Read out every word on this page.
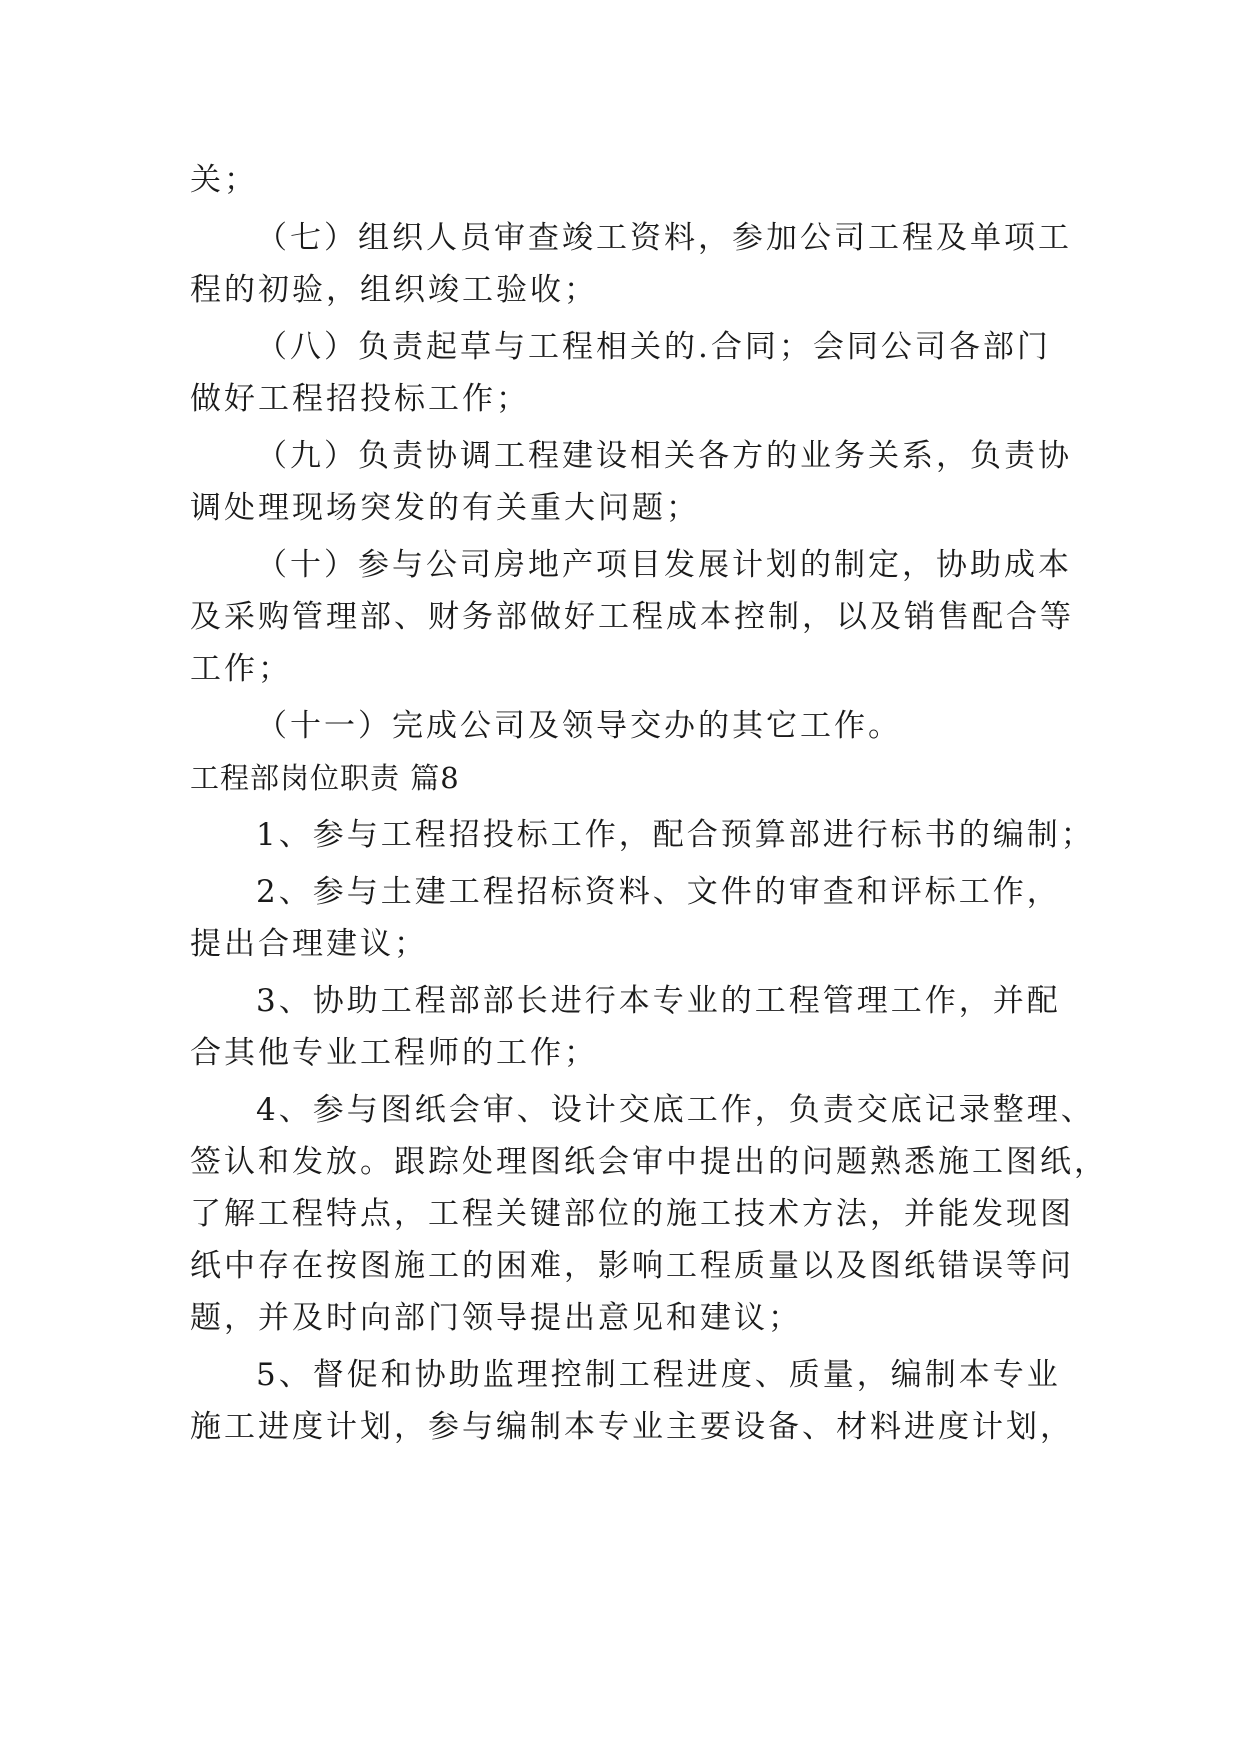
关；
（七）组织人员审查竣工资料，参加公司工程及单项工
程的初验，组织竣工验收；
（八）负责起草与工程相关的.合同；会同公司各部门
做好工程招投标工作；
（九）负责协调工程建设相关各方的业务关系，负责协
调处理现场突发的有关重大问题；
（十）参与公司房地产项目发展计划的制定，协助成本
及采购管理部、财务部做好工程成本控制，以及销售配合等
工作；
（十一）完成公司及领导交办的其它工作。
工程部岗位职责 篇8
1、参与工程招投标工作，配合预算部进行标书的编制；
2、参与土建工程招标资料、文件的审查和评标工作，
提出合理建议；
3、协助工程部部长进行本专业的工程管理工作，并配
合其他专业工程师的工作；
4、参与图纸会审、设计交底工作，负责交底记录整理、
签认和发放。跟踪处理图纸会审中提出的问题熟悉施工图纸，
了解工程特点，工程关键部位的施工技术方法，并能发现图
纸中存在按图施工的困难，影响工程质量以及图纸错误等问
题，并及时向部门领导提出意见和建议；
5、督促和协助监理控制工程进度、质量，编制本专业
施工进度计划，参与编制本专业主要设备、材料进度计划，
